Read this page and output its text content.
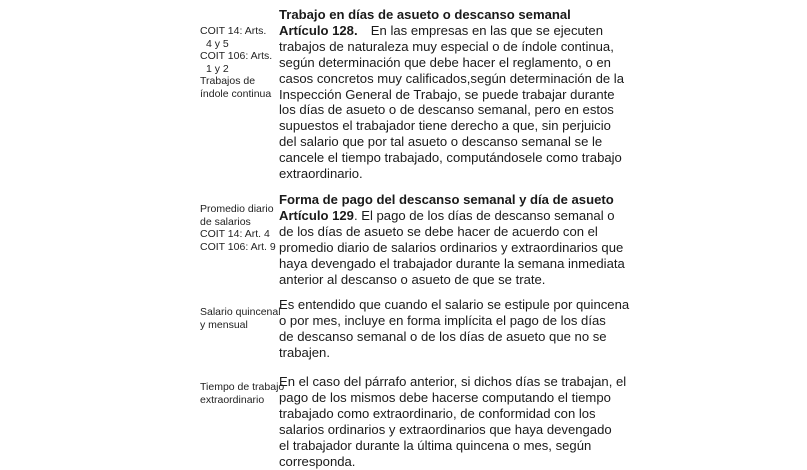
COIT 14: Arts.
4 y 5
COIT 106: Arts.
1 y 2
Trabajos de
índole continua
Trabajo en días de asueto o descanso semanal
Artículo 128. En las empresas en las que se ejecuten
trabajos de naturaleza muy especial o de índole continua,
según determinación que debe hacer el reglamento, o en
casos concretos muy calificados,según determinación de la
Inspección General de Trabajo, se puede trabajar durante
los días de asueto o de descanso semanal, pero en estos
supuestos el trabajador tiene derecho a que, sin perjuicio
del salario que por tal asueto o descanso semanal se le
cancele el tiempo trabajado, computándosele como trabajo
extraordinario.
Promedio diario
de salarios
COIT 14: Art. 4
COIT 106: Art. 9
Forma de pago del descanso semanal y día de asueto
Artículo 129. El pago de los días de descanso semanal o
de los días de asueto se debe hacer de acuerdo con el
promedio diario de salarios ordinarios y extraordinarios que
haya devengado el trabajador durante la semana inmediata
anterior al descanso o asueto de que se trate.
Salario quincenal
y mensual
Es entendido que cuando el salario se estipule por quincena
o por mes, incluye en forma implícita el pago de los días
de descanso semanal o de los días de asueto que no se
trabajen.
Tiempo de trabajo
extraordinario
En el caso del párrafo anterior, si dichos días se trabajan, el
pago de los mismos debe hacerse computando el tiempo
trabajado como extraordinario, de conformidad con los
salarios ordinarios y extraordinarios que haya devengado
el trabajador durante la última quincena o mes, según
corresponda.
